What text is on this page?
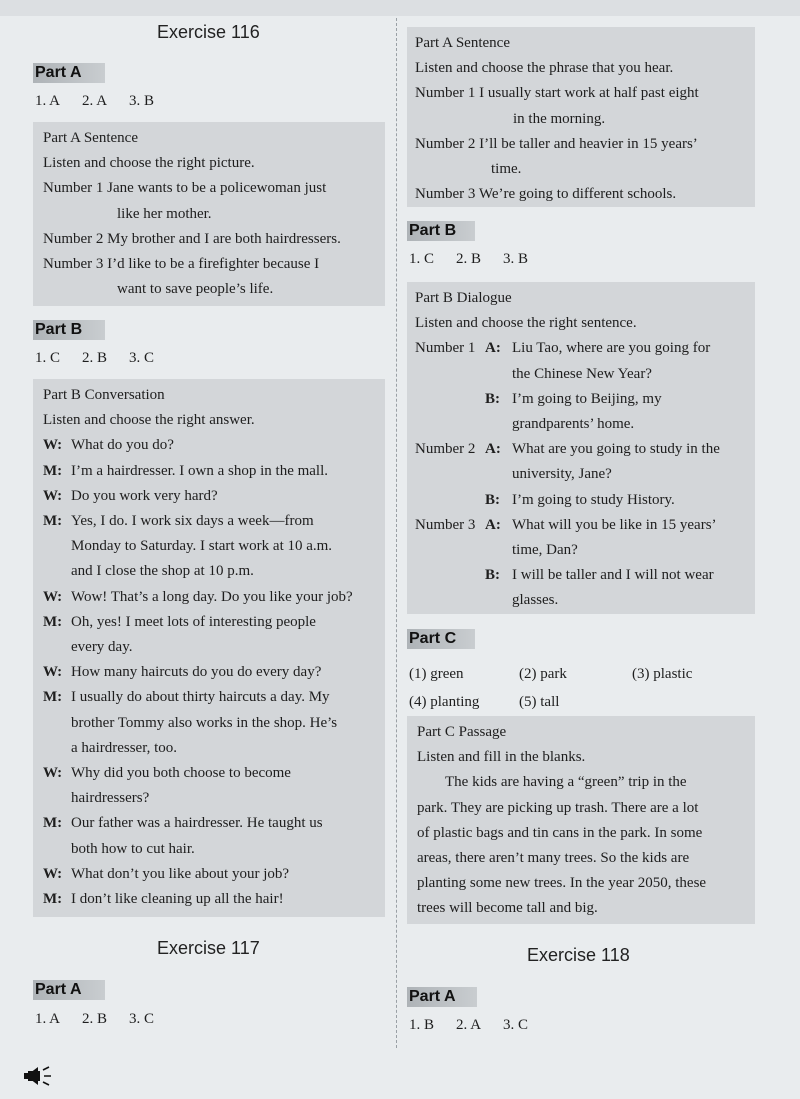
Exercise 116
Part A
1. A 2. A 3. B
Part A Sentence
Listen and choose the right picture.
Number 1 Jane wants to be a policewoman just
like her mother.
Number 2 My brother and I are both hairdressers.
Number 3 I’d like to be a firefighter because I
want to save people’s life.
Part B
1. C 2. B 3. C
Part B Conversation
Listen and choose the right answer.
W: What do you do?
M: I’m a hairdresser. I own a shop in the mall.
W: Do you work very hard?
M: Yes, I do. I work six days a week—from
Monday to Saturday. I start work at 10 a.m.
and I close the shop at 10 p.m.
W: Wow! That’s a long day. Do you like your job?
M: Oh, yes! I meet lots of interesting people
every day.
W: How many haircuts do you do every day?
M: I usually do about thirty haircuts a day. My
brother Tommy also works in the shop. He’s
a hairdresser, too.
W: Why did you both choose to become
hairdressers?
M: Our father was a hairdresser. He taught us
both how to cut hair.
W: What don’t you like about your job?
M: I don’t like cleaning up all the hair!
Exercise 117
Part A
1. A 2. B 3. C
Part A Sentence
Listen and choose the phrase that you hear.
Number 1 I usually start work at half past eight
in the morning.
Number 2 I’ll be taller and heavier in 15 years’
time.
Number 3 We’re going to different schools.
Part B
1. C 2. B 3. B
Part B Dialogue
Listen and choose the right sentence.
Number 1 A: Liu Tao, where are you going for
the Chinese New Year?
B: I’m going to Beijing, my
grandparents’ home.
Number 2 A: What are you going to study in the
university, Jane?
B: I’m going to study History.
Number 3 A: What will you be like in 15 years’
time, Dan?
B: I will be taller and I will not wear
glasses.
Part C
(1) green	(2) park	(3) plastic
(4) planting	(5) tall
Part C Passage
Listen and fill in the blanks.
The kids are having a “green” trip in the
park. They are picking up trash. There are a lot
of plastic bags and tin cans in the park. In some
areas, there aren’t many trees. So the kids are
planting some new trees. In the year 2050, these
trees will become tall and big.
Exercise 118
Part A
1. B 2. A 3. C
